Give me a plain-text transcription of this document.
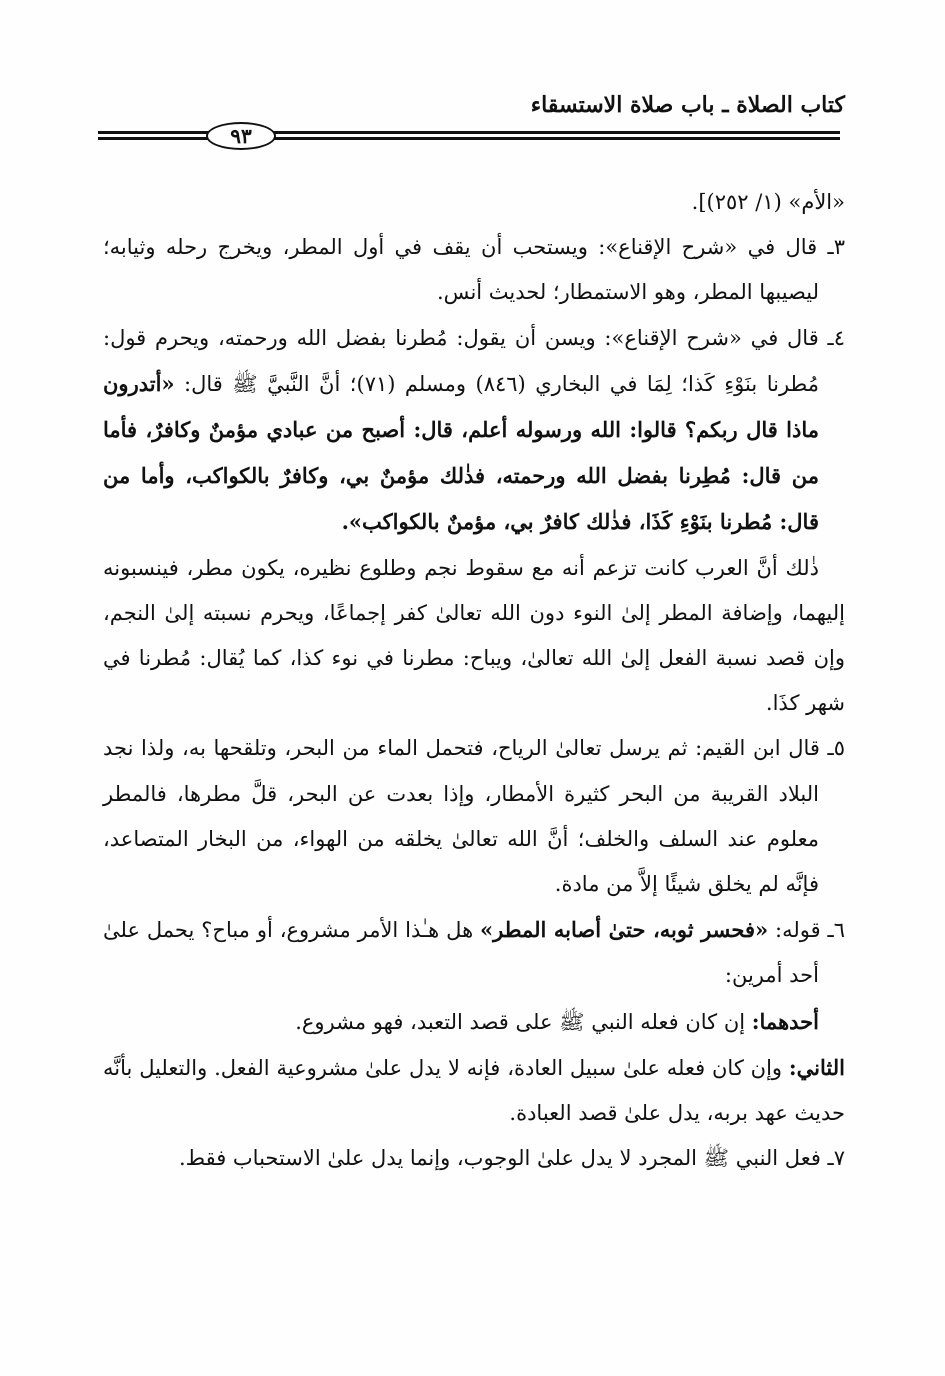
كتاب الصلاة ـ باب صلاة الاستسقاء
٩٣

«الأم» (١/ ٢٥٢)].

٣ـ قال في «شرح الإقناع»: ويستحب أن يقف في أول المطر، ويخرج رحله وثيابه؛ ليصيبها المطر، وهو الاستمطار؛ لحديث أنس.

٤ـ قال في «شرح الإقناع»: ويسن أن يقول: مُطرنا بفضل الله ورحمته، ويحرم قول: مُطرنا بنَوْءِ كَذا؛ لِمَا في البخاري (٨٤٦) ومسلم (٧١)؛ أنَّ النَّبيَّ ﷺ قال: «أتدرون ماذا قال ربكم؟ قالوا: الله ورسوله أعلم، قال: أصبح من عبادي مؤمنٌ وكافرٌ، فأما من قال: مُطِرنا بفضل الله ورحمته، فذٰلك مؤمنٌ بي، وكافرٌ بالكواكب، وأما من قال: مُطرنا بنَوْءِ كَذَا، فذٰلك كافرٌ بي، مؤمنٌ بالكواكب».

ذٰلك أنَّ العرب كانت تزعم أنه مع سقوط نجم وطلوع نظيره، يكون مطر، فينسبونه إليهما، وإضافة المطر إلىٰ النوء دون الله تعالىٰ كفر إجماعًا، ويحرم نسبته إلىٰ النجم، وإن قصد نسبة الفعل إلىٰ الله تعالىٰ، ويباح: مطرنا في نوء كذا، كما يُقال: مُطرنا في شهر كذَا.

٥ـ قال ابن القيم: ثم يرسل تعالىٰ الرياح، فتحمل الماء من البحر، وتلقحها به، ولذا نجد البلاد القريبة من البحر كثيرة الأمطار، وإذا بعدت عن البحر، قلَّ مطرها، فالمطر معلوم عند السلف والخلف؛ أنَّ الله تعالىٰ يخلقه من الهواء، من البخار المتصاعد، فإنَّه لم يخلق شيئًا إلاَّ من مادة.

٦ـ قوله: «فحسر ثوبه، حتىٰ أصابه المطر» هل هـٰذا الأمر مشروع، أو مباح؟ يحمل علىٰ أحد أمرين:

أحدهما: إن كان فعله النبي ﷺ على قصد التعبد، فهو مشروع.

الثاني: وإن كان فعله علىٰ سبيل العادة، فإنه لا يدل علىٰ مشروعية الفعل. والتعليل بأنَّه حديث عهد بربه، يدل علىٰ قصد العبادة.

٧ـ فعل النبي ﷺ المجرد لا يدل علىٰ الوجوب، وإنما يدل علىٰ الاستحباب فقط.
